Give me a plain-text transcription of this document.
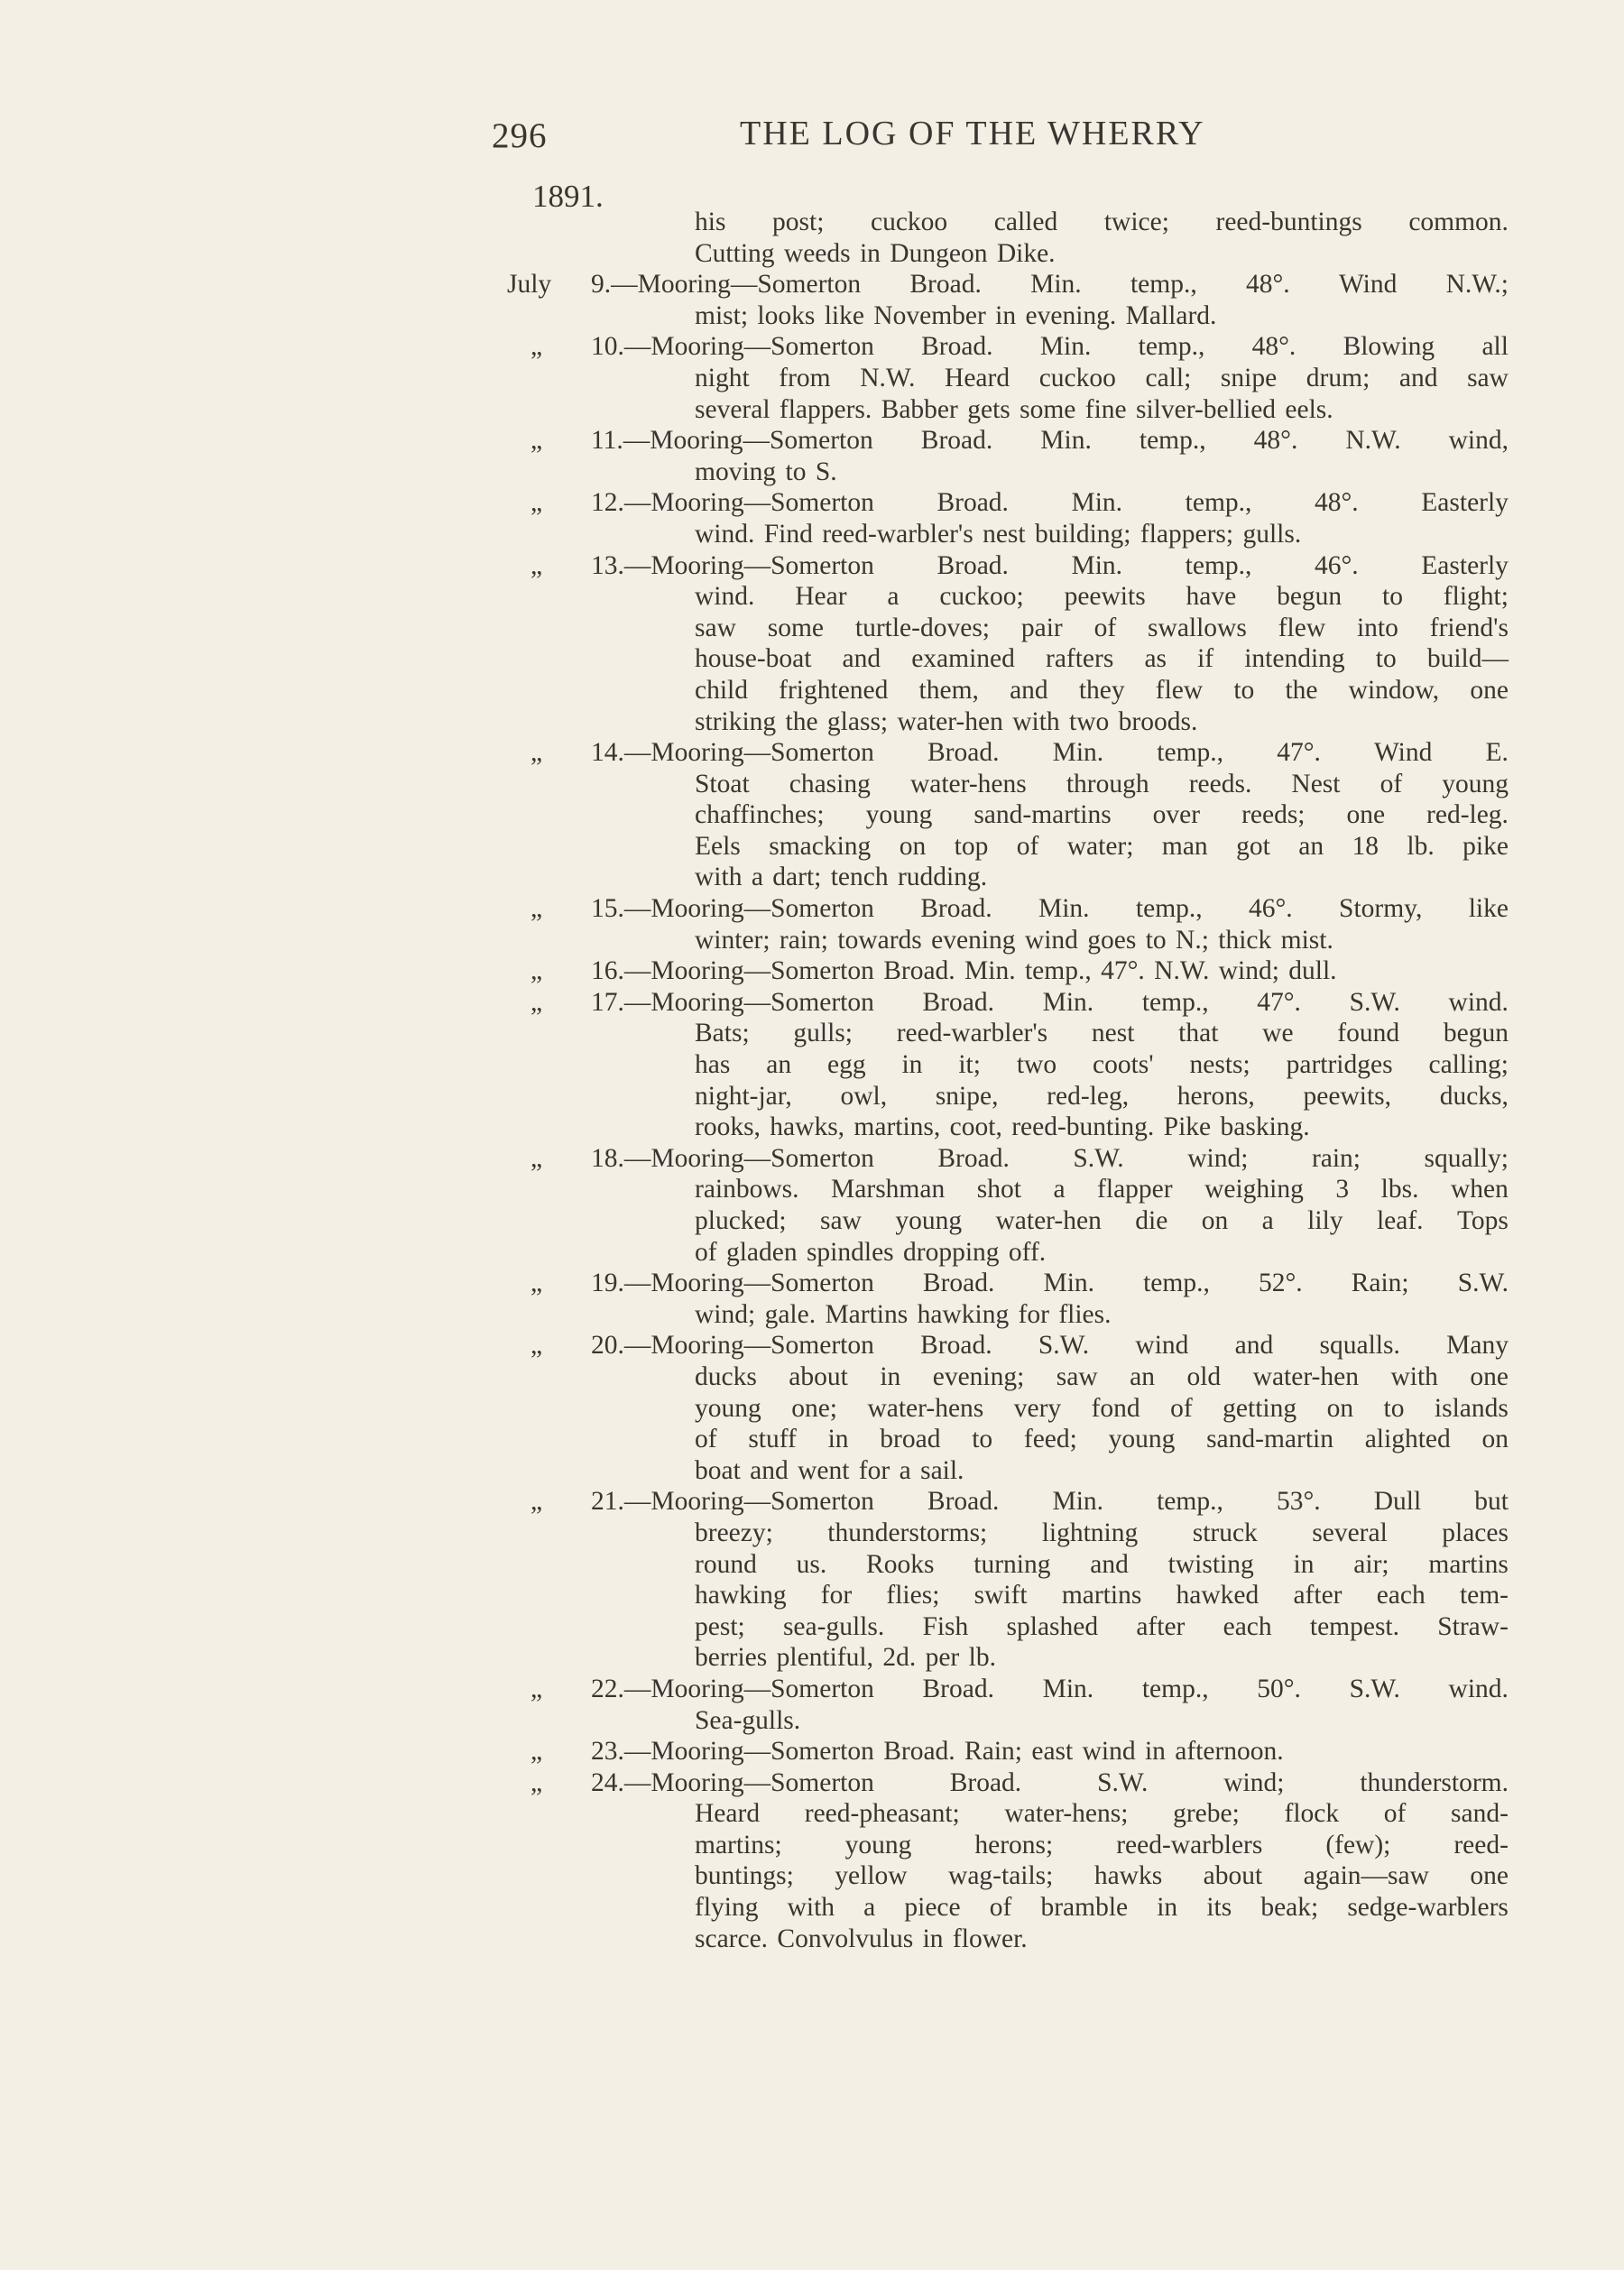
296	THE LOG OF THE WHERRY
1891.
his post; cuckoo called twice; reed-buntings common.
Cutting weeds in Dungeon Dike.
July 9.—Mooring—Somerton Broad. Min. temp., 48°. Wind N.W.;
mist; looks like November in evening. Mallard.
„ 10.—Mooring—Somerton Broad. Min. temp., 48°. Blowing all
night from N.W. Heard cuckoo call; snipe drum; and saw
several flappers. Babber gets some fine silver-bellied eels.
„ 11.—Mooring—Somerton Broad. Min. temp., 48°. N.W. wind,
moving to S.
„ 12.—Mooring—Somerton Broad. Min. temp., 48°. Easterly
wind. Find reed-warbler's nest building; flappers; gulls.
„ 13.—Mooring—Somerton Broad. Min. temp., 46°. Easterly
wind. Hear a cuckoo; peewits have begun to flight;
saw some turtle-doves; pair of swallows flew into friend's
house-boat and examined rafters as if intending to build—
child frightened them, and they flew to the window, one
striking the glass; water-hen with two broods.
„ 14.—Mooring—Somerton Broad. Min. temp., 47°. Wind E.
Stoat chasing water-hens through reeds. Nest of young
chaffinches; young sand-martins over reeds; one red-leg.
Eels smacking on top of water; man got an 18 lb. pike
with a dart; tench rudding.
„ 15.—Mooring—Somerton Broad. Min. temp., 46°. Stormy, like
winter; rain; towards evening wind goes to N.; thick mist.
„ 16.—Mooring—Somerton Broad. Min. temp., 47°. N.W. wind; dull.
„ 17.—Mooring—Somerton Broad. Min. temp., 47°. S.W. wind.
Bats; gulls; reed-warbler's nest that we found begun
has an egg in it; two coots' nests; partridges calling;
night-jar, owl, snipe, red-leg, herons, peewits, ducks,
rooks, hawks, martins, coot, reed-bunting. Pike basking.
„ 18.—Mooring—Somerton Broad. S.W. wind; rain; squally;
rainbows. Marshman shot a flapper weighing 3 lbs. when
plucked; saw young water-hen die on a lily leaf. Tops
of gladen spindles dropping off.
„ 19.—Mooring—Somerton Broad. Min. temp., 52°. Rain; S.W.
wind; gale. Martins hawking for flies.
„ 20.—Mooring—Somerton Broad. S.W. wind and squalls. Many
ducks about in evening; saw an old water-hen with one
young one; water-hens very fond of getting on to islands
of stuff in broad to feed; young sand-martin alighted on
boat and went for a sail.
„ 21.—Mooring—Somerton Broad. Min. temp., 53°. Dull but
breezy; thunderstorms; lightning struck several places
round us. Rooks turning and twisting in air; martins
hawking for flies; swift martins hawked after each tem-
pest; sea-gulls. Fish splashed after each tempest. Straw-
berries plentiful, 2d. per lb.
„ 22.—Mooring—Somerton Broad. Min. temp., 50°. S.W. wind.
Sea-gulls.
„ 23.—Mooring—Somerton Broad. Rain; east wind in afternoon.
„ 24.—Mooring—Somerton	Broad.	S.W.	wind;	thunderstorm.
Heard reed-pheasant; water-hens; grebe; flock of sand-
martins; young herons; reed-warblers (few); reed-
buntings; yellow wag-tails; hawks about again—saw one
flying with a piece of bramble in its beak; sedge-warblers
scarce. Convolvulus in flower.
